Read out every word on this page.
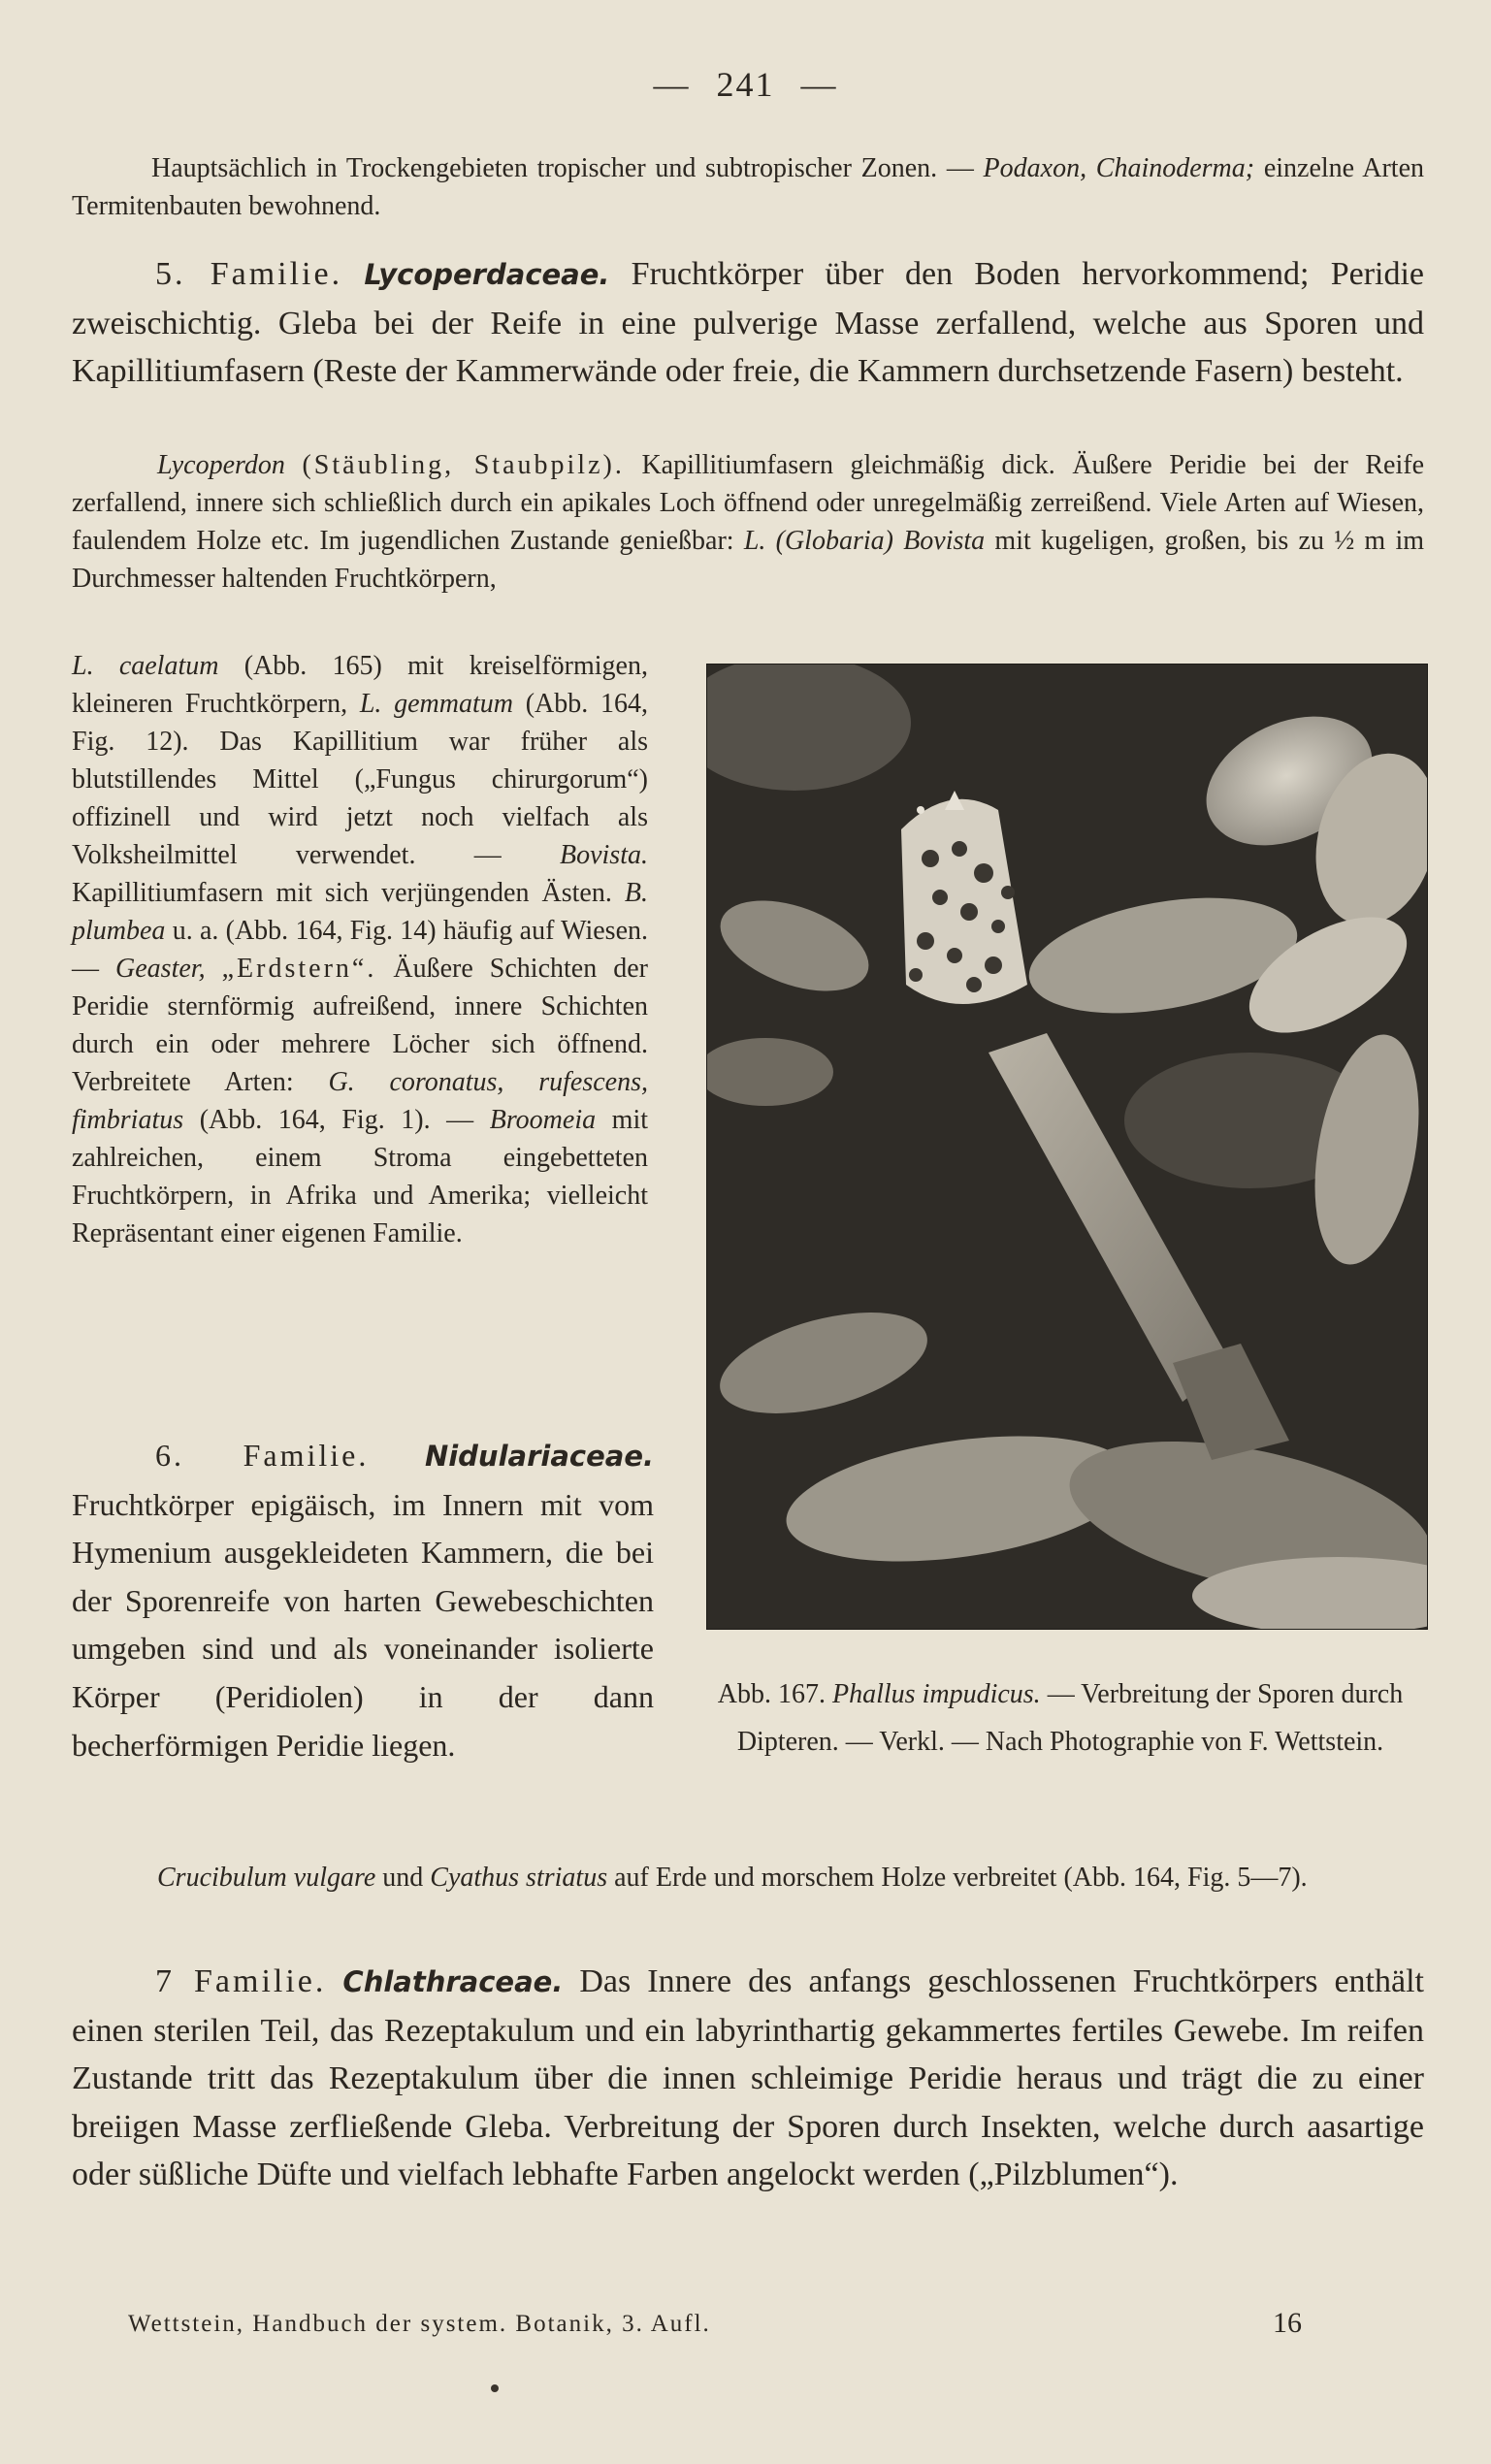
— 241 —

Hauptsächlich in Trockengebieten tropischer und subtropischer Zonen. — Podaxon, Chainoderma; einzelne Arten Termitenbauten bewohnend.

5. Familie. Lycoperdaceae. Fruchtkörper über den Boden hervorkommend; Peridie zweischichtig. Gleba bei der Reife in eine pulverige Masse zerfallend, welche aus Sporen und Kapillitiumfasern (Reste der Kammerwände oder freie, die Kammern durchsetzende Fasern) besteht.

Lycoperdon (Stäubling, Staubpilz). Kapillitiumfasern gleichmäßig dick. Äußere Peridie bei der Reife zerfallend, innere sich schließlich durch ein apikales Loch öffnend oder unregelmäßig zerreißend. Viele Arten auf Wiesen, faulendem Holze etc. Im jugendlichen Zustande genießbar: L. (Globaria) Bovista mit kugeligen, großen, bis zu ½ m im Durchmesser haltenden Fruchtkörpern,

L. caelatum (Abb. 165) mit kreiselförmigen, kleineren Fruchtkörpern, L. gemmatum (Abb. 164, Fig. 12). Das Kapillitium war früher als blutstillendes Mittel („Fungus chirurgorum“) offizinell und wird jetzt noch vielfach als Volksheilmittel verwendet. — Bovista. Kapillitiumfasern mit sich verjüngenden Ästen. B. plumbea u. a. (Abb. 164, Fig. 14) häufig auf Wiesen. — Geaster, „Erdstern“. Äußere Schichten der Peridie sternförmig aufreißend, innere Schichten durch ein oder mehrere Löcher sich öffnend. Verbreitete Arten: G. coronatus, rufescens, fimbriatus (Abb. 164, Fig. 1). — Broomeia mit zahlreichen, einem Stroma eingebetteten Fruchtkörpern, in Afrika und Amerika; vielleicht Repräsentant einer eigenen Familie.

6. Familie. Nidulariaceae. Fruchtkörper epigäisch, im Innern mit vom Hymenium ausgekleideten Kammern, die bei der Sporenreife von harten Gewebeschichten umgeben sind und als voneinander isolierte Körper (Peridiolen) in der dann becherförmigen Peridie liegen.

Abb. 167. Phallus impudicus. — Verbreitung der Sporen durch Dipteren. — Verkl. — Nach Photographie von F. Wettstein.

Crucibulum vulgare und Cyathus striatus auf Erde und morschem Holze verbreitet (Abb. 164, Fig. 5—7).

7 Familie. Chlathraceae. Das Innere des anfangs geschlossenen Fruchtkörpers enthält einen sterilen Teil, das Rezeptakulum und ein labyrinthartig gekammertes fertiles Gewebe. Im reifen Zustande tritt das Rezeptakulum über die innen schleimige Peridie heraus und trägt die zu einer breiigen Masse zerfließende Gleba. Verbreitung der Sporen durch Insekten, welche durch aasartige oder süßliche Düfte und vielfach lebhafte Farben angelockt werden („Pilzblumen“).

Wettstein, Handbuch der system. Botanik, 3. Aufl.	16
